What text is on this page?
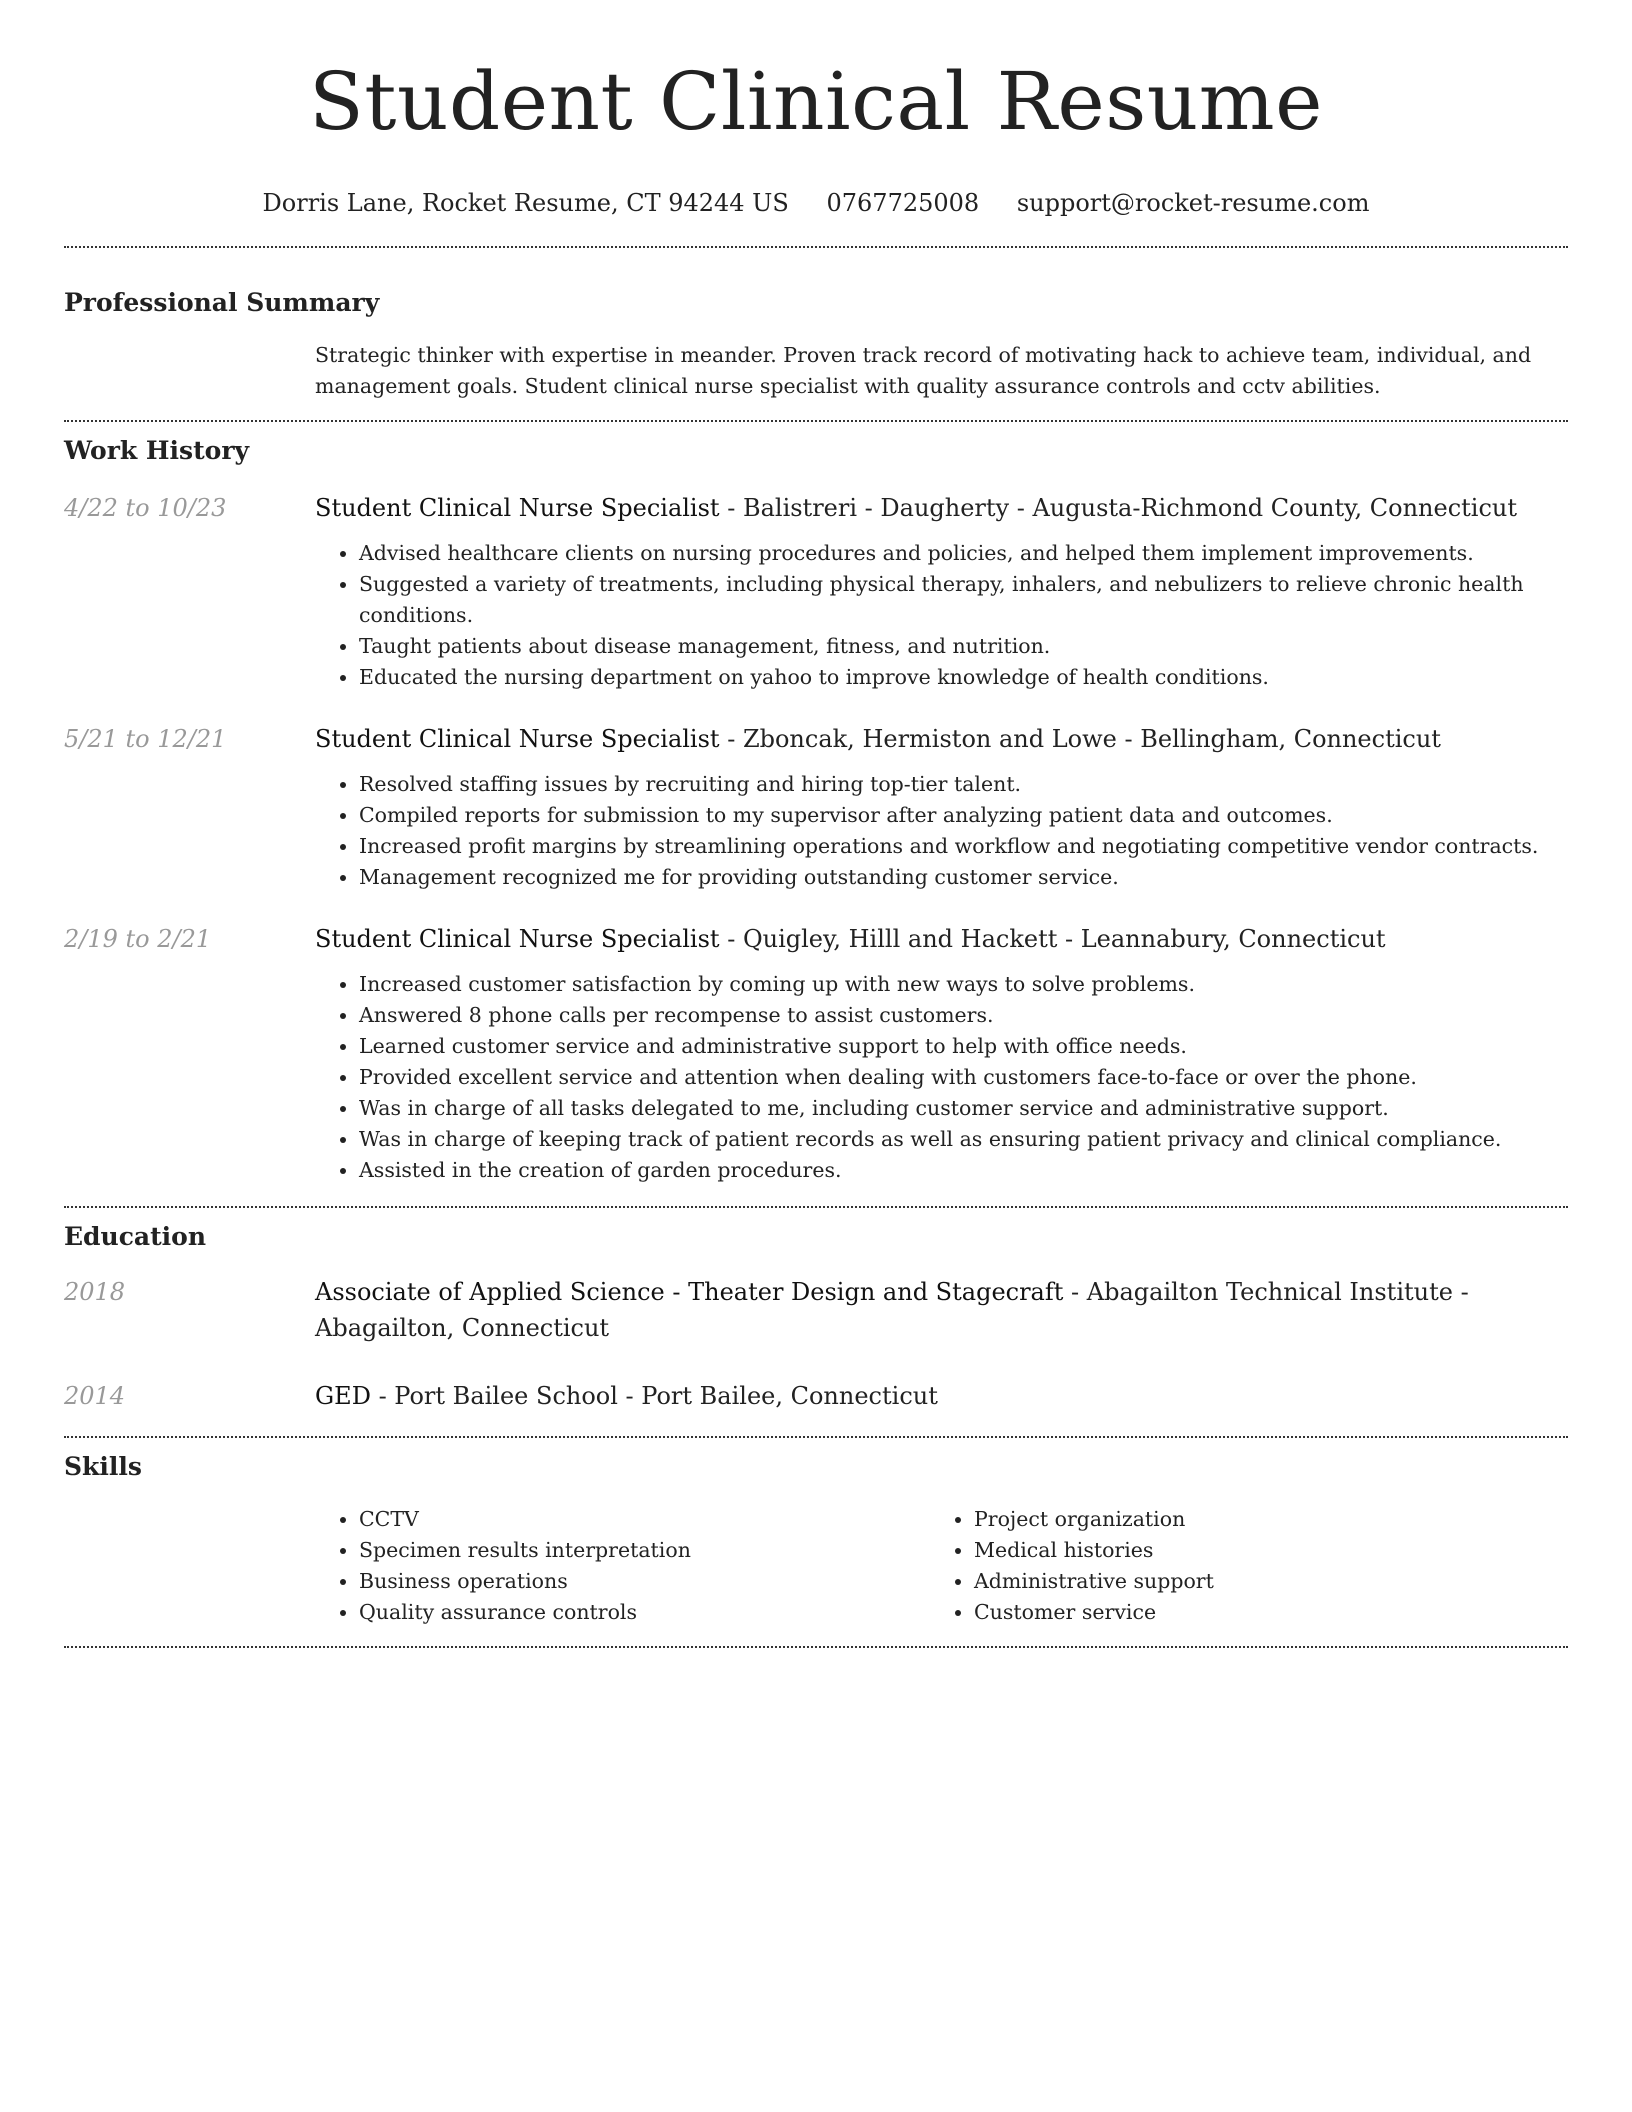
Student Clinical Resume
Dorris Lane, Rocket Resume, CT 94244 US 0767725008 support@rocket-resume.com
Professional Summary
Strategic thinker with expertise in meander. Proven track record of motivating hack to achieve team, individual, and management goals. Student clinical nurse specialist with quality assurance controls and cctv abilities.
Work History
4/22 to 10/23	Student Clinical Nurse Specialist - Balistreri - Daugherty - Augusta-Richmond County, Connecticut
• Advised healthcare clients on nursing procedures and policies, and helped them implement improvements.
• Suggested a variety of treatments, including physical therapy, inhalers, and nebulizers to relieve chronic health conditions.
• Taught patients about disease management, fitness, and nutrition.
• Educated the nursing department on yahoo to improve knowledge of health conditions.
5/21 to 12/21	Student Clinical Nurse Specialist - Zboncak, Hermiston and Lowe - Bellingham, Connecticut
• Resolved staffing issues by recruiting and hiring top-tier talent.
• Compiled reports for submission to my supervisor after analyzing patient data and outcomes.
• Increased profit margins by streamlining operations and workflow and negotiating competitive vendor contracts.
• Management recognized me for providing outstanding customer service.
2/19 to 2/21	Student Clinical Nurse Specialist - Quigley, Hilll and Hackett - Leannabury, Connecticut
• Increased customer satisfaction by coming up with new ways to solve problems.
• Answered 8 phone calls per recompense to assist customers.
• Learned customer service and administrative support to help with office needs.
• Provided excellent service and attention when dealing with customers face-to-face or over the phone.
• Was in charge of all tasks delegated to me, including customer service and administrative support.
• Was in charge of keeping track of patient records as well as ensuring patient privacy and clinical compliance.
• Assisted in the creation of garden procedures.
Education
2018	Associate of Applied Science - Theater Design and Stagecraft - Abagailton Technical Institute - Abagailton, Connecticut
2014	GED - Port Bailee School - Port Bailee, Connecticut
Skills
• CCTV
• Specimen results interpretation
• Business operations
• Quality assurance controls
• Project organization
• Medical histories
• Administrative support
• Customer service
